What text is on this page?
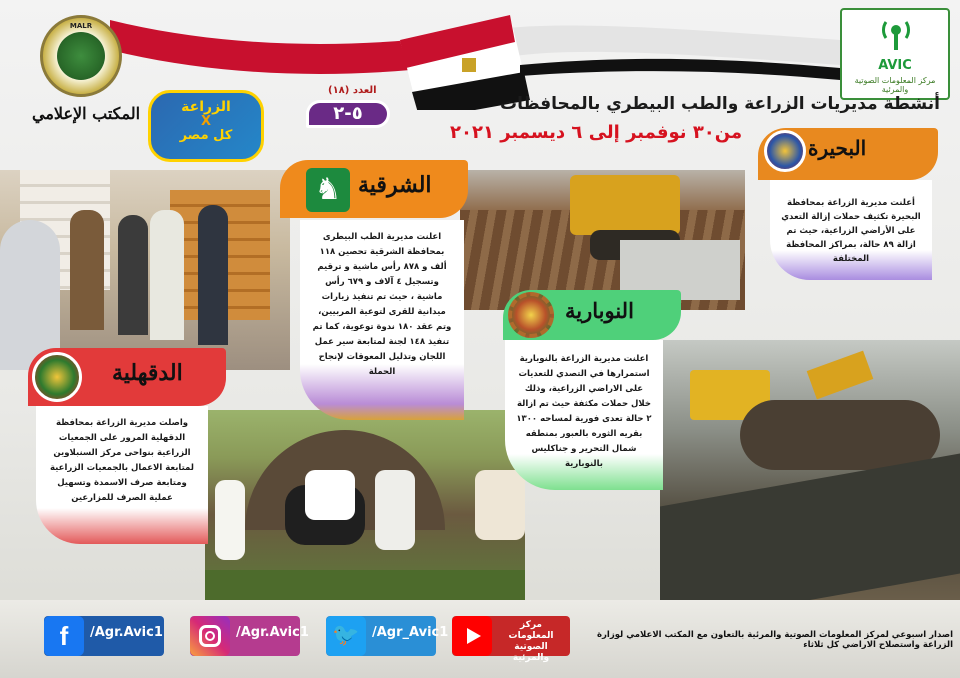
MALR
المكتب الإعلامي
AVIC
مركز المعلومات الصوتية والمرئية
أنشطة مديريات الزراعة والطب البيطري بالمحافظات
من٣٠ نوفمبر إلى ٦ ديسمبر ٢٠٢١
العدد (١٨)
٥-٢
الزراعة
X
كل مصر
البحيرة
أعلنت مديرية الزراعة بمحافظة البحيرة تكثيف حملات إزالة التعدي على الأراضي الزراعية، حيث تم ازالة ٨٩ حالة، بمراكز المحافظة المختلفة
الشرقية
♞
اعلنت مديرية الطب البيطرى بمحافظة الشرقية تحصين ١١٨ ألف و ٨٧٨ رأس ماشية و ترقيم وتسجيل ٤ آلاف و ٦٧٩ رأس ماشية ، حيث تم تنفيذ زيارات ميدانية للقرى لتوعية المربيين، وتم عقد ١٨٠ ندوة توعوية، كما تم تنفيذ ١٤٨ لجنة لمتابعة سير عمل اللجان وتذليل المعوقات لإنجاح الحملة
النوبارية
اعلنت مديرية الزراعة بالنوبارية استمرارها في التصدي للتعديات على الاراضي الزراعية، وذلك خلال حملات مكثفة حيث تم ازالة ٢ حالة تعدى فورية لمساحه ١٣٠٠ بقريه الثوره بالعبور بمنطقه شمال التحرير و جناكليس بالنوبارية
الدقهلية
واصلت مديرية الزراعة بمحافظة الدقهلية المرور على الجمعيات الزراعية بنواحى مركز السنبلاوين لمتابعة الاعمال بالجمعيات الزراعية ومتابعة صرف الاسمدة وتسهيل عملية الصرف للمزارعين
f	/Agr.Avic1	/Agr.Avic1 🐦 /Agr_Avic1	مركز المعلومات الصوتية والمرئية
اصدار اسبوعي لمركز المعلومات الصوتية والمرئية بالتعاون مع المكتب الاعلامي لوزارة الزراعة واستصلاح الاراضي كل ثلاثاء
